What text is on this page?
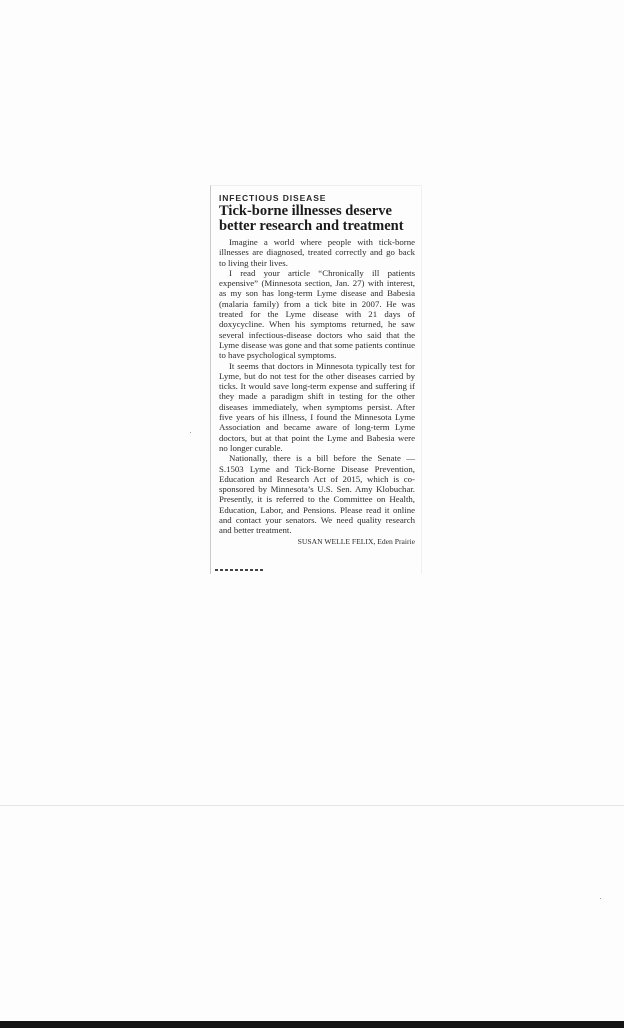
INFECTIOUS DISEASE
Tick-borne illnesses deserve better research and treatment

Imagine a world where people with tick-borne illnesses are diagnosed, treated correctly and go back to living their lives.

I read your article “Chronically ill patients expensive” (Minnesota section, Jan. 27) with interest, as my son has long-term Lyme disease and Babesia (malaria family) from a tick bite in 2007. He was treated for the Lyme disease with 21 days of doxycycline. When his symptoms returned, he saw several infectious-disease doctors who said that the Lyme disease was gone and that some patients continue to have psychological symptoms.

It seems that doctors in Minnesota typically test for Lyme, but do not test for the other diseases carried by ticks. It would save long-term expense and suffering if they made a paradigm shift in testing for the other diseases immediately, when symptoms persist. After five years of his illness, I found the Minnesota Lyme Association and became aware of long-term Lyme doctors, but at that point the Lyme and Babesia were no longer curable.

Nationally, there is a bill before the Senate — S.1503 Lyme and Tick-Borne Disease Prevention, Education and Research Act of 2015, which is co-sponsored by Minnesota’s U.S. Sen. Amy Klobuchar. Presently, it is referred to the Committee on Health, Education, Labor, and Pensions. Please read it online and contact your senators. We need quality research and better treatment.

SUSAN WELLE FELIX, Eden Prairie
